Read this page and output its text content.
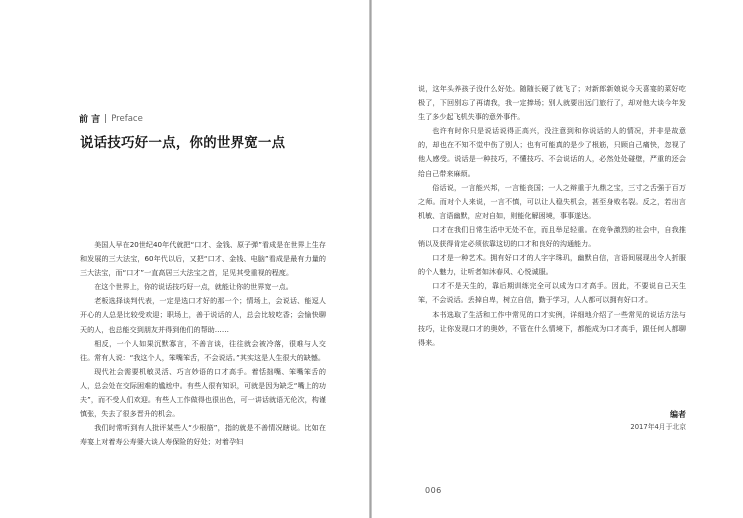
前 言 | Preface
说话技巧好一点，你的世界宽一点

美国人早在20世纪40年代就把“口才、金钱、原子弹”看成是在世界上生存和发展的三大法宝，60年代以后，又把“口才、金钱、电脑”看成是最有力量的三大法宝，而“口才”一直高居三大法宝之首，足见其受重视的程度。

在这个世界上，你的说话技巧好一点，就能让你的世界宽一点。

老板选择谈判代表，一定是选口才好的那一个；情场上，会说话、能逗人开心的人总是比较受欢迎；职场上，善于说话的人，总会比较吃香；会愉快聊天的人，也总能交到朋友并得到他们的帮助……

相反，一个人如果沉默寡言，不善言谈，往往就会被冷落，很难与人交往。常有人说：“我这个人，笨嘴笨舌，不会说话。”其实这是人生很大的缺憾。

现代社会需要机敏灵活、巧言妙语的口才高手。着恬拙嘴、笨嘴笨舌的人，总会处在交际困难的尴尬中。有些人很有知识，可就是因为缺乏“嘴上的功夫”，而不受人们欢迎。有些人工作做得也很出色，可一讲话就语无伦次，构谨慎张，失去了很多晋升的机会。

我们时常听到有人批评某些人“少根筋”，指的就是不善情况瞎说。比如在寿宴上对着寿公寿婆大谈人寿保险的好处；对着孕妇

说，这年头养孩子没什么好处。随随长硬了就飞了；对新郎新娘说今天喜宴的菜好吃极了，下回别忘了再请我，我一定捧场；别人就要出远门旅行了，却对他大谈今年发生了多少起飞机失事的意外事件。

也许有时你只是说话说得正高兴，没注意到和你说话的人的情况，并非是故意的，却也在不知不觉中伤了别人；也有可能真的是少了根筋，只顾自己痛快，忽视了他人感受。说话是一种技巧，不懂技巧、不会说话的人，必然处处碰壁，严重的还会给自己带来麻烦。

俗话说，一言能兴邦，一言能丧国；一人之辩重于九鼎之宝，三寸之舌强于百万之师。而对个人来说，一言不慎，可以让人稳失机会，甚至身败名裂。反之，若出言机敏、言语幽默，应对自如，则能化解困境，事事遂达。

口才在我们日常生活中无处不在，而且举足轻重。在竞争激烈的社会中，自我推销以及获得肯定必须依靠这切的口才和良好的沟通能力。

口才是一种艺术。拥有好口才的人字字珠玑，幽默自信，言语间展现出令人折服的个人魅力，让听者如沐春风、心悦诚服。

口才不是天生的，靠后期训练完全可以成为口才高手。因此，不要说自己天生笨，不会说话。丢掉自卑，树立自信，勤于学习，人人都可以拥有好口才。

本书选取了生活和工作中常见的口才实例，详细地介绍了一些常见的说话方法与技巧，让你发现口才的奥妙，不管在什么情境下，都能成为口才高手，跟任何人都聊得来。

编者
2017年4月于北京
006
